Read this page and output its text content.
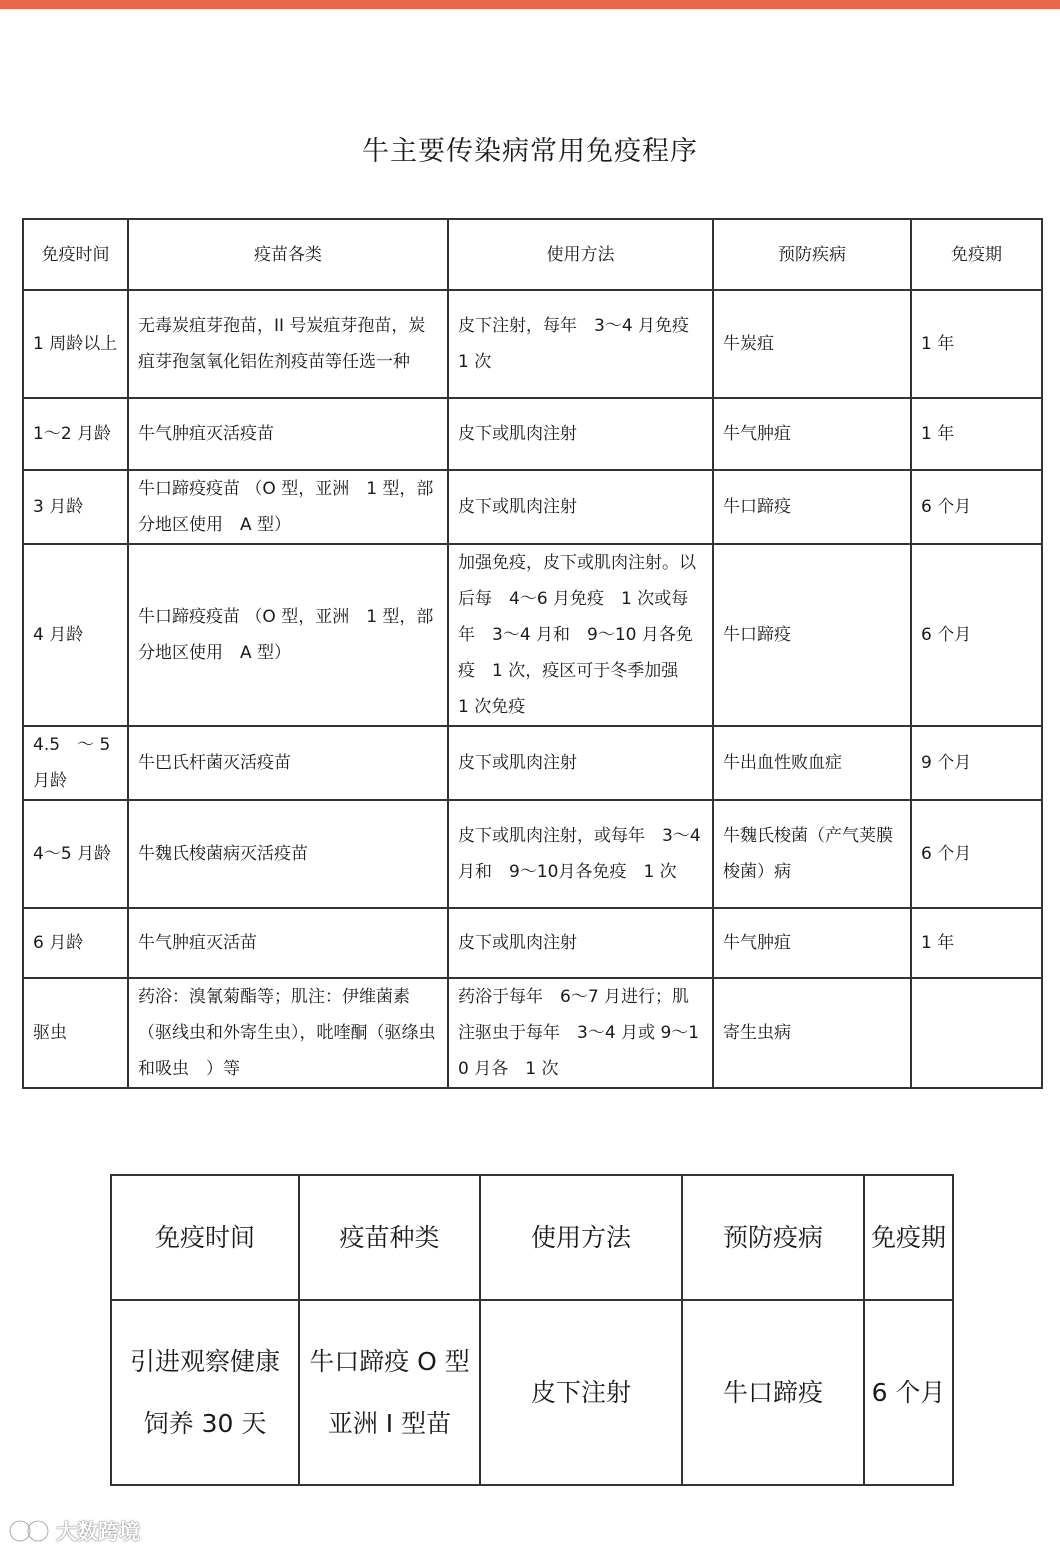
牛主要传染病常用免疫程序
免疫时间	疫苗各类	使用方法	预防疾病	免疫期
1 周龄以上	无毒炭疽芽孢苗，II 号炭疽芽孢苗，炭疽芽孢氢氧化铝佐剂疫苗等任选一种	皮下注射，每年　3～4 月免疫 1 次	牛炭疽	1 年
1～2 月龄	牛气肿疽灭活疫苗	皮下或肌肉注射	牛气肿疽	1 年
3 月龄	牛口蹄疫疫苗 （O 型，亚洲　1 型，部分地区使用　A 型）	皮下或肌肉注射	牛口蹄疫	6 个月
4 月龄	牛口蹄疫疫苗 （O 型，亚洲　1 型，部分地区使用　A 型）	加强免疫，皮下或肌肉注射。以后每　4～6 月免疫　1 次或每年　3～4 月和　9～10 月各免疫　1 次，疫区可于冬季加强　1 次免疫	牛口蹄疫	6 个月
4.5　～ 5 月龄	牛巴氏杆菌灭活疫苗	皮下或肌肉注射	牛出血性败血症	9 个月
4～5 月龄	牛魏氏梭菌病灭活疫苗	皮下或肌肉注射，或每年　3～4月和　9～10月各免疫　1 次	牛魏氏梭菌（产气荚膜梭菌）病	6 个月
6 月龄	牛气肿疽灭活苗	皮下或肌肉注射	牛气肿疽	1 年
驱虫	药浴：溴氰菊酯等；肌注：伊维菌素（驱线虫和外寄生虫），吡喹酮（驱绦虫和吸虫　）等	药浴于每年　6～7 月进行；肌注驱虫于每年　3～4 月或 9～10 月各　1 次	寄生虫病	
免疫时间	疫苗种类	使用方法	预防疫病	免疫期
引进观察健康饲养 30 天	牛口蹄疫 O 型亚洲 I 型苗	皮下注射	牛口蹄疫	6 个月
大数跨境
